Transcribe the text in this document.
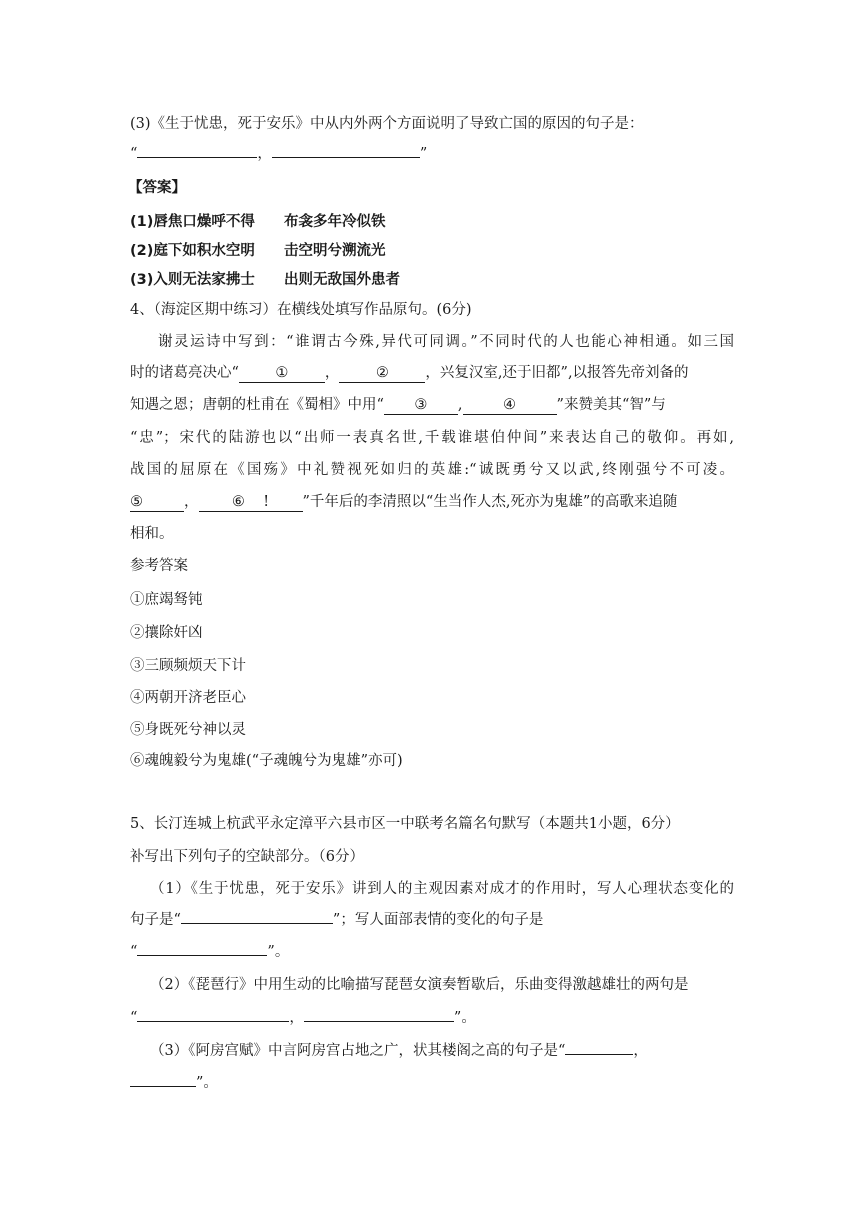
(3)《生于忧患，死于安乐》中从内外两个方面说明了导致亡国的原因的句子是：
“	，	”
【答案】
(1)唇焦口燥呼不得 布衾多年冷似铁
(2)庭下如积水空明 击空明兮溯流光
(3)入则无法家拂士 出则无敌国外患者
4、（海淀区期中练习）在横线处填写作品原句。(6分)
谢灵运诗中写到：“谁谓古今殊,异代可同调。”不同时代的人也能心神相通。如三国
时的诸葛亮决心“	①	，	②	，兴复汉室,还于旧都”,以报答先帝刘备的
知遇之恩；唐朝的杜甫在《蜀相》中用“ ③ ,	④	”来赞美其“智”与
“忠”；宋代的陆游也以“出师一表真名世,千载谁堪伯仲间”来表达自己的敬仰。再如,
战国的屈原在《国殇》中礼赞视死如归的英雄:“诚既勇兮又以武,终刚强兮不可凌。
⑤	， ⑥ ! ”千年后的李清照以“生当作人杰,死亦为鬼雄”的高歌来追随
相和。
参考答案
①庶竭驽钝
②攘除奸凶
③三顾频烦天下计
④两朝开济老臣心
⑤身既死兮神以灵
⑥魂魄毅兮为鬼雄(“子魂魄兮为鬼雄”亦可)
5、长汀连城上杭武平永定漳平六县市区一中联考名篇名句默写（本题共1小题，6分）
补写出下列句子的空缺部分。（6分）
（1）《生于忧患，死于安乐》讲到人的主观因素对成才的作用时，写人心理状态变化的
句子是“	”；写人面部表情的变化的句子是
“	”。
（2）《琵琶行》中用生动的比喻描写琵琶女演奏暂歇后，乐曲变得激越雄壮的两句是
“	，	”。
（3）《阿房宫赋》中言阿房宫占地之广，状其楼阁之高的句子是“	，
”。
